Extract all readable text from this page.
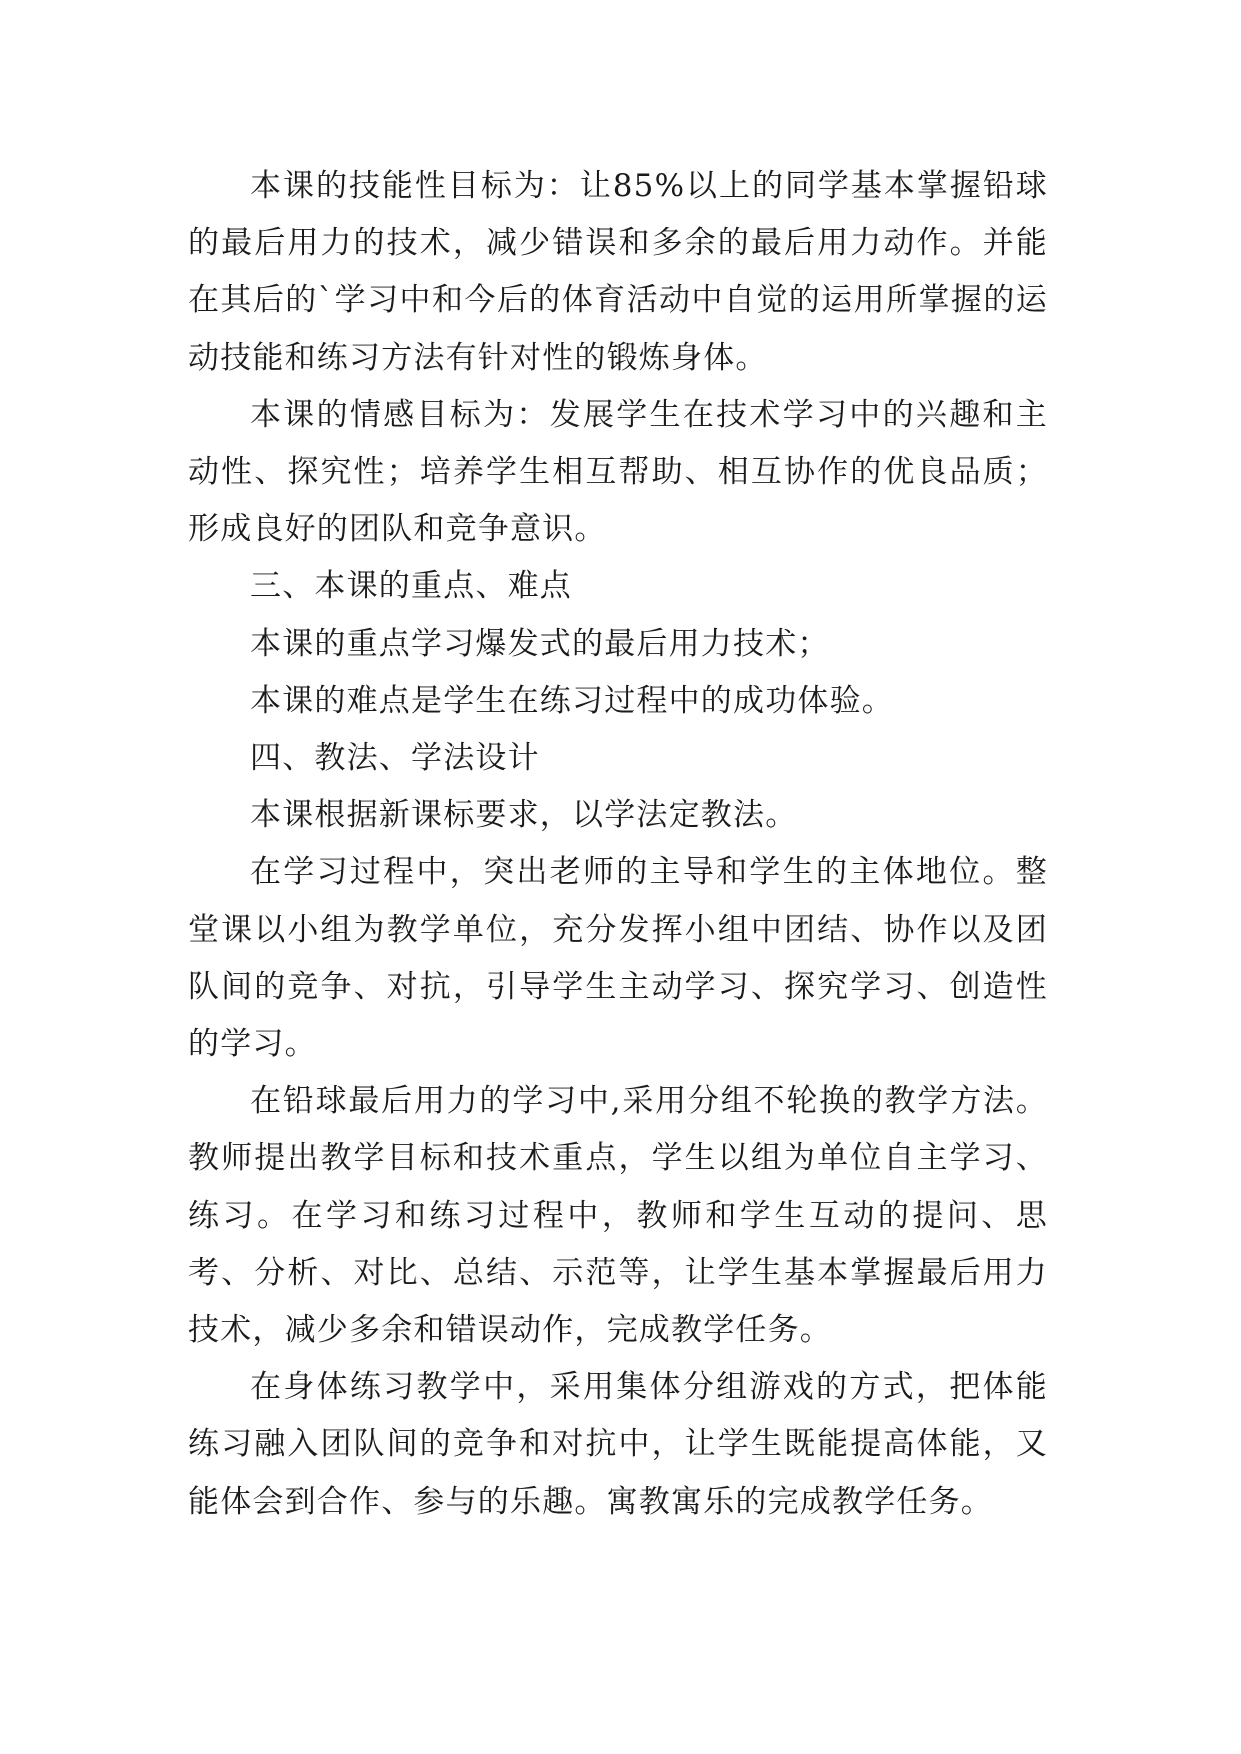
本课的技能性目标为：让85%以上的同学基本掌握铅球的最后用力的技术，减少错误和多余的最后用力动作。并能在其后的`学习中和今后的体育活动中自觉的运用所掌握的运动技能和练习方法有针对性的锻炼身体。

本课的情感目标为：发展学生在技术学习中的兴趣和主动性、探究性；培养学生相互帮助、相互协作的优良品质；形成良好的团队和竞争意识。

三、本课的重点、难点

本课的重点学习爆发式的最后用力技术；

本课的难点是学生在练习过程中的成功体验。

四、教法、学法设计

本课根据新课标要求，以学法定教法。

在学习过程中，突出老师的主导和学生的主体地位。整堂课以小组为教学单位，充分发挥小组中团结、协作以及团队间的竞争、对抗，引导学生主动学习、探究学习、创造性的学习。

在铅球最后用力的学习中,采用分组不轮换的教学方法。教师提出教学目标和技术重点，学生以组为单位自主学习、练习。在学习和练习过程中，教师和学生互动的提问、思考、分析、对比、总结、示范等，让学生基本掌握最后用力技术，减少多余和错误动作，完成教学任务。

在身体练习教学中，采用集体分组游戏的方式，把体能练习融入团队间的竞争和对抗中，让学生既能提高体能，又能体会到合作、参与的乐趣。寓教寓乐的完成教学任务。
